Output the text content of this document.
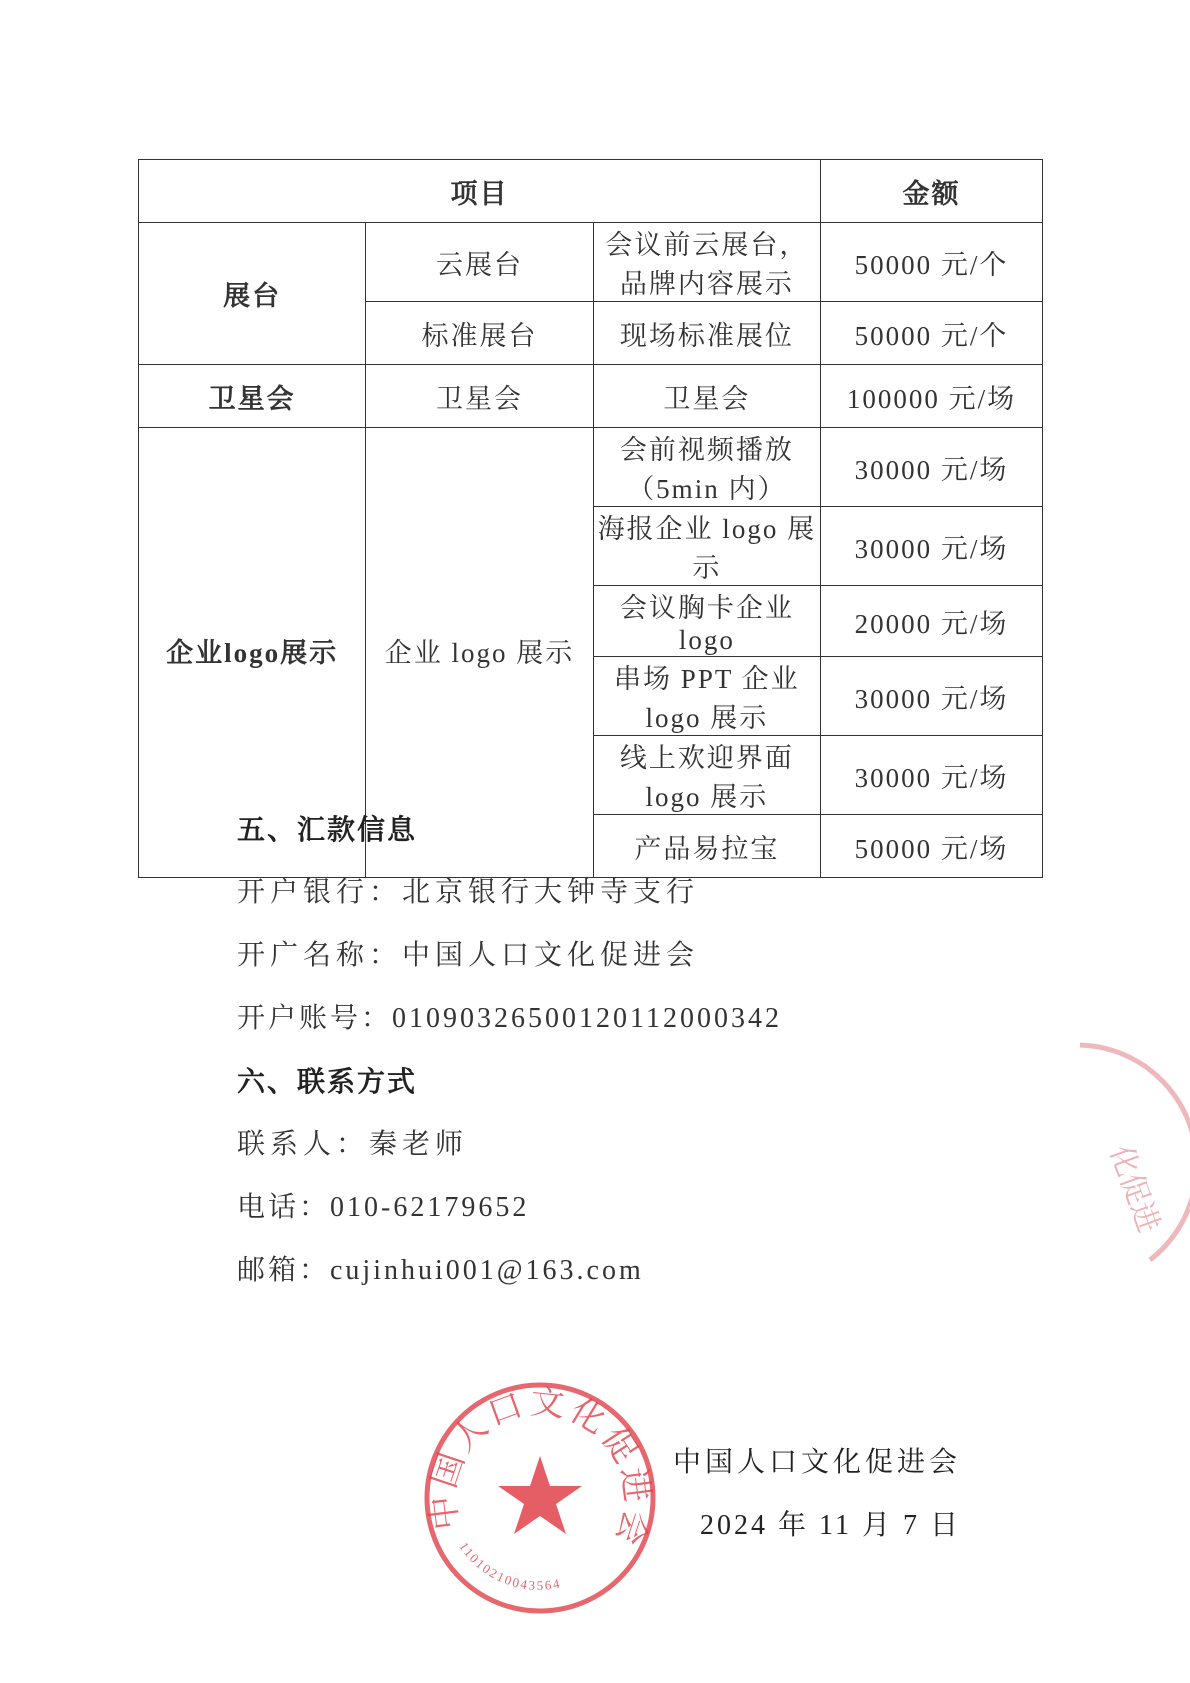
项目			金额
展台	云展台	会议前云展台，品牌内容展示	50000 元/个
	标准展台	现场标准展位	50000 元/个
卫星会	卫星会	卫星会	100000 元/场
企业logo展示	企业 logo 展示	会前视频播放（5min 内）	30000 元/场
		海报企业 logo 展示	30000 元/场
		会议胸卡企业 logo	20000 元/场
		串场 PPT 企业 logo 展示	30000 元/场
		线上欢迎界面 logo 展示	30000 元/场
		产品易拉宝	50000 元/场
五、汇款信息
开户银行：北京银行大钟寺支行
开广名称：中国人口文化促进会
开户账号：01090326500120112000342
六、联系方式
联系人：秦老师
电话：010-62179652
邮箱：cujinhui001@163.com
化促进
中国人口文化促进会
1101021004356​4
中国人口文化促进会
2024 年 11 月 7 日
